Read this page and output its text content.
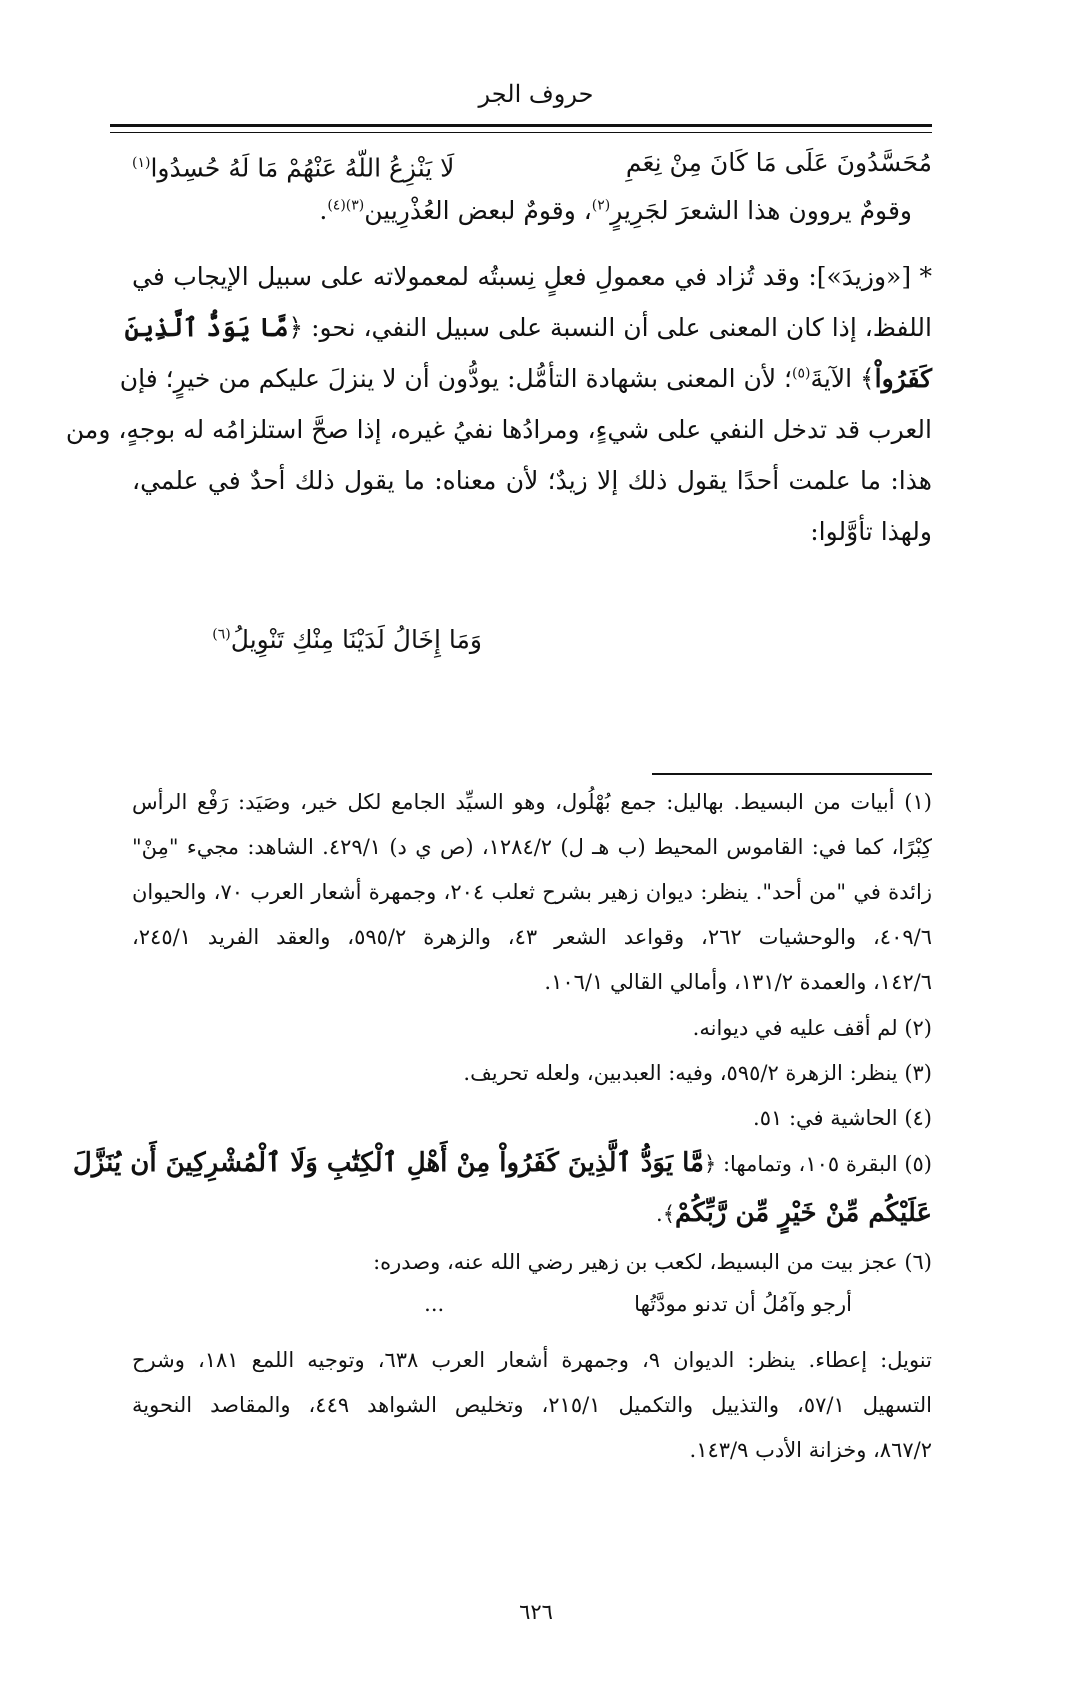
حروف الجر
مُحَسَّدُونَ عَلَى مَا كَانَ مِنْ نِعَمِ
لَا يَنْزِعُ اللّهُ عَنْهُمْ مَا لَهُ حُسِدُوا$^{(١)}$
وقومٌ يروون هذا الشعرَ لجَرِيرٍ$^{(٢)}$، وقومٌ لبعض العُذْرِيين$^{(٣)(٤)}$.
* [«وزيدَ»]: وقد تُزاد في معمولِ فعلٍ نِسبتُه لمعمولاته على سبيل الإيجاب في
اللفظ، إذا كان المعنى على أن النسبة على سبيل النفي، نحو: ﴿مَّا يَوَدُّ ٱلَّذِينَ
كَفَرُواْ﴾ الآيةَ$^{(٥)}$؛ لأن المعنى بشهادة التأمُّل: يودُّون أن لا ينزلَ عليكم من خيرٍ؛ فإن
العرب قد تدخل النفي على شيءٍ، ومرادُها نفيُ غيره، إذا صحَّ استلزامُه له بوجهٍ، ومن
هذا: ما علمت أحدًا يقول ذلك إلا زيدٌ؛ لأن معناه: ما يقول ذلك أحدٌ في علمي،
ولهذا تأوَّلوا:
وَمَا إِخَالُ لَدَيْنَا مِنْكِ تَنْوِيلُ$^{(٦)}$
(١) أبيات من البسيط. بهاليل: جمع بُهْلُول، وهو السيِّد الجامع لكل خير، وصَيَد: رَفْع الرأس
كِبْرًا، كما في: القاموس المحيط (ب هـ ل) ١٢٨٤/٢، (ص ي د) ٤٢٩/١. الشاهد: مجيء "مِنْ"
زائدة في "من أحد". ينظر: ديوان زهير بشرح ثعلب ٢٠٤، وجمهرة أشعار العرب ٧٠، والحيوان
٤٠٩/٦، والوحشيات ٢٦٢، وقواعد الشعر ٤٣، والزهرة ٥٩٥/٢، والعقد الفريد ٢٤٥/١،
١٤٢/٦، والعمدة ١٣١/٢، وأمالي القالي ١٠٦/١.
(٢) لم أقف عليه في ديوانه.
(٣) ينظر: الزهرة ٥٩٥/٢، وفيه: العبدبين، ولعله تحريف.
(٤) الحاشية في: ٥١.
(٥) البقرة ١٠٥، وتمامها: ﴿مَّا يَوَدُّ ٱلَّذِينَ كَفَرُواْ مِنْ أَهْلِ ٱلْكِتَٰبِ وَلَا ٱلْمُشْرِكِينَ أَن يُنَزَّلَ
عَلَيْكُم مِّنْ خَيْرٍ مِّن رَّبِّكُمْ﴾.
(٦) عجز بيت من البسيط، لكعب بن زهير رضي الله عنه، وصدره:
أرجو وآمُلُ أن تدنو مودَّتُها
...
تنويل: إعطاء. ينظر: الديوان ٩، وجمهرة أشعار العرب ٦٣٨، وتوجيه اللمع ١٨١، وشرح
التسهيل ٥٧/١، والتذييل والتكميل ٢١٥/١، وتخليص الشواهد ٤٤٩، والمقاصد النحوية
٨٦٧/٢، وخزانة الأدب ١٤٣/٩.
٦٢٦
